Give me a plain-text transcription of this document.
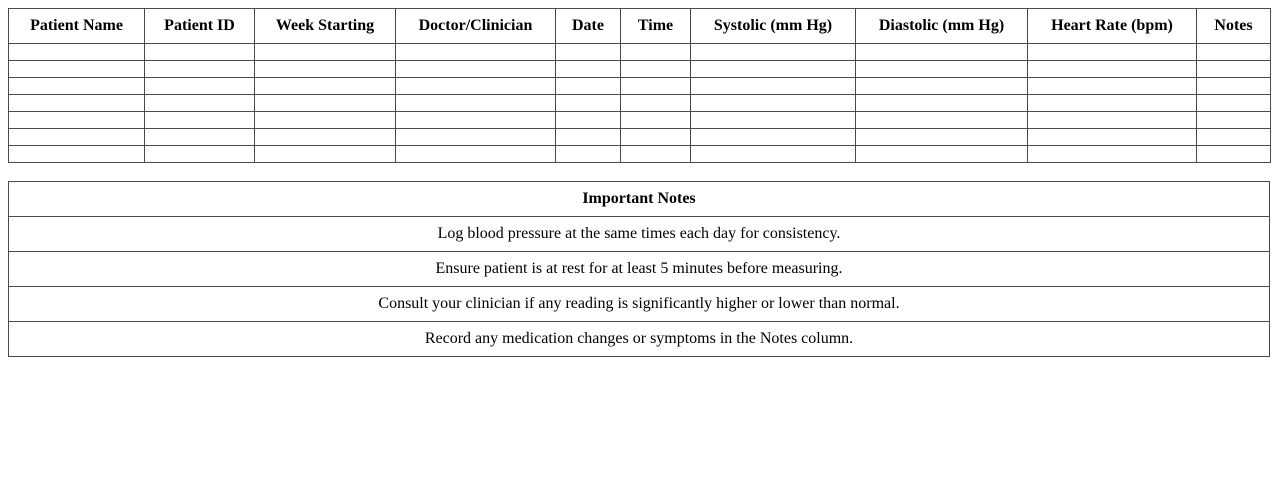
Patient Name	Patient ID	Week Starting	Doctor/Clinician	Date	Time	Systolic (mm Hg)	Diastolic (mm Hg)	Heart Rate (bpm)	Notes

Important Notes
Log blood pressure at the same times each day for consistency.
Ensure patient is at rest for at least 5 minutes before measuring.
Consult your clinician if any reading is significantly higher or lower than normal.
Record any medication changes or symptoms in the Notes column.
